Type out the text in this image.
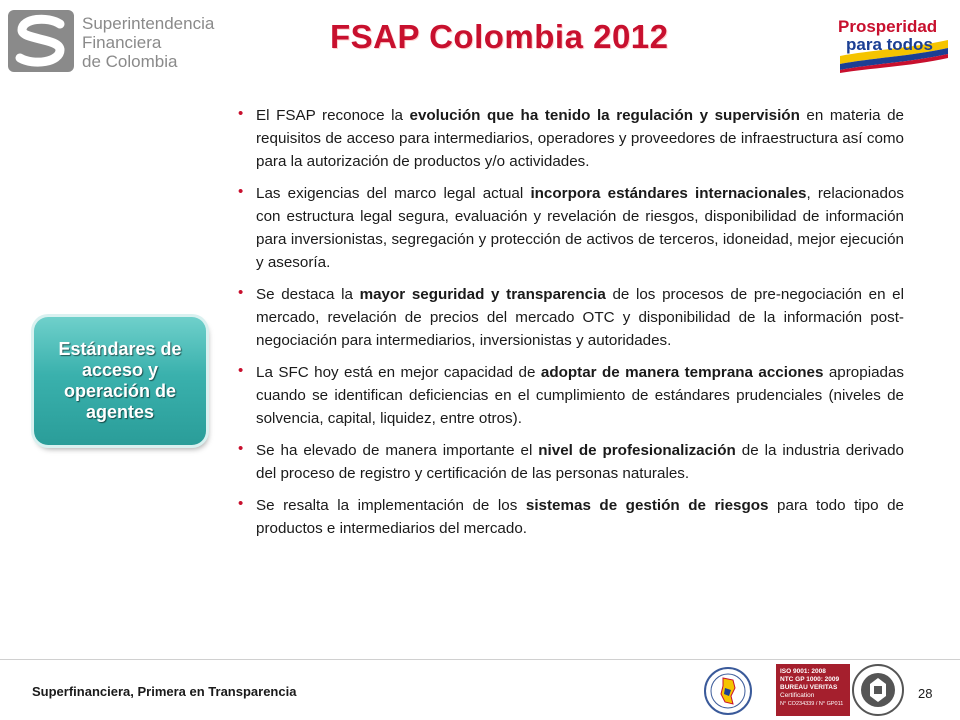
Superintendencia
Financiera
de Colombia
FSAP Colombia 2012	Prosperidad
para todos
Estándares de acceso y operación de agentes
• El FSAP reconoce la evolución que ha tenido la regulación y supervisión en materia de requisitos de acceso para intermediarios, operadores y proveedores de infraestructura así como para la autorización de productos y/o actividades.
• Las exigencias del marco legal actual incorpora estándares internacionales, relacionados con estructura legal segura, evaluación y revelación de riesgos, disponibilidad de información para inversionistas, segregación y protección de activos de terceros, idoneidad, mejor ejecución y asesoría.
• Se destaca la mayor seguridad y transparencia de los procesos de pre-negociación en el mercado, revelación de precios del mercado OTC y disponibilidad de la información post-negociación para intermediarios, inversionistas y autoridades.
• La SFC hoy está en mejor capacidad de adoptar de manera temprana acciones apropiadas cuando se identifican deficiencias en el cumplimiento de estándares prudenciales (niveles de solvencia, capital, liquidez, entre otros).
• Se ha elevado de manera importante el nivel de profesionalización de la industria derivado del proceso de registro y certificación de las personas naturales.
• Se resalta la implementación de los sistemas de gestión de riesgos para todo tipo de productos e intermediarios del mercado.
Superfinanciera, Primera en Transparencia
ISO 9001: 2008
NTC GP 1000: 2009
BUREAU VERITAS
Certification
N° CO234339 / N° GP011
28
